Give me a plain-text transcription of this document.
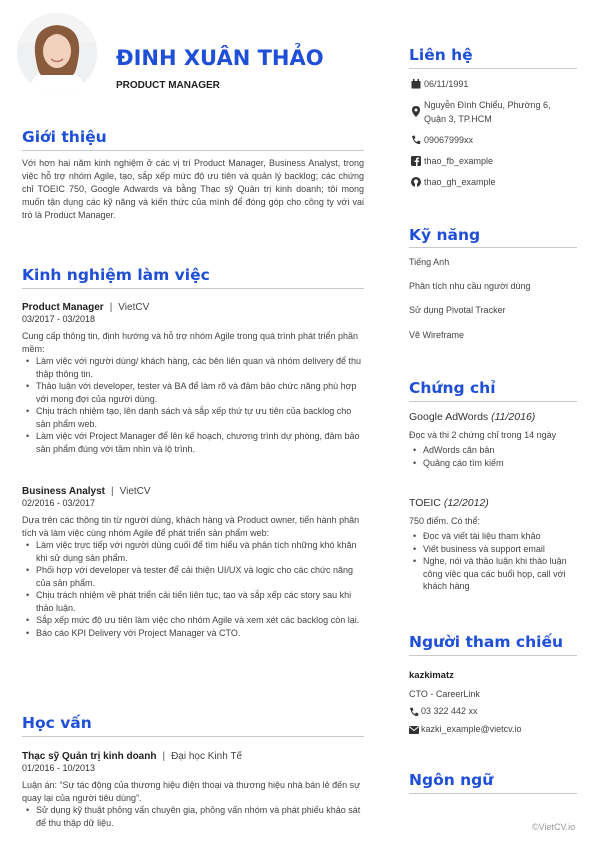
ĐINH XUÂN THẢO
PRODUCT MANAGER
Giới thiệu
Với hơn hai năm kinh nghiệm ở các vị trí Product Manager, Business Analyst, trong việc hỗ trợ nhóm Agile, tạo, sắp xếp mức độ ưu tiên và quản lý backlog; các chứng chỉ TOEIC 750, Google Adwards và bằng Thạc sỹ Quản trị kinh doanh; tôi mong muốn tận dụng các kỹ năng và kiến thức của mình để đóng góp cho công ty với vai trò là Product Manager.
Kinh nghiệm làm việc
Product Manager | VietCV
03/2017 - 03/2018
Cung cấp thông tin, định hướng và hỗ trợ nhóm Agile trong quá trình phát triển phần mềm:
• Làm việc với người dùng/ khách hàng, các bên liên quan và nhóm delivery để thu thập thông tin.
• Thảo luận với developer, tester và BA để làm rõ và đảm bảo chức năng phù hợp với mong đợi của người dùng.
• Chịu trách nhiệm tạo, lên danh sách và sắp xếp thứ tự ưu tiên của backlog cho sản phẩm web.
• Làm việc với Project Manager để lên kế hoạch, chương trình dự phòng, đảm bảo sản phẩm đúng với tầm nhìn và lộ trình.
Business Analyst | VietCV
02/2016 - 03/2017
Dựa trên các thông tin từ người dùng, khách hàng và Product owner, tiến hành phân tích và làm việc cùng nhóm Agile để phát triển sản phẩm web:
• Làm việc trực tiếp với người dùng cuối để tìm hiểu và phân tích những khó khăn khi sử dụng sản phẩm.
• Phối hợp với developer và tester để cải thiện UI/UX và logic cho các chức năng của sản phẩm.
• Chịu trách nhiệm về phát triển cải tiến liên tục, tạo và sắp xếp các story sau khi thảo luận.
• Sắp xếp mức độ ưu tiên làm việc cho nhóm Agile và xem xét các backlog còn lại.
• Báo cáo KPI Delivery với Project Manager và CTO.
Học vấn
Thạc sỹ Quản trị kinh doanh | Đại học Kinh Tế
01/2016 - 10/2013
Luận án: “Sự tác động của thương hiệu điện thoại và thương hiệu nhà bán lẻ đến sự quay lại của người tiêu dùng”.
• Sử dụng kỹ thuật phỏng vấn chuyên gia, phỏng vấn nhóm và phát phiếu khảo sát để thu thập dữ liệu.
Liên hệ
06/11/1991
Nguyễn Đình Chiểu, Phường 6,
Quận 3, TP.HCM
09067999xx
thao_fb_example
thao_gh_example
Kỹ năng
Tiếng Anh
Phân tích nhu cầu người dùng
Sử dụng Pivotal Tracker
Vẽ Wireframe
Chứng chỉ
Google AdWords (11/2016)
Đọc và thi 2 chứng chỉ trong 14 ngày
• AdWords căn bản
• Quảng cáo tìm kiếm
TOEIC (12/2012)
750 điểm. Có thể:
• Đọc và viết tài liệu tham khảo
• Viết business và support email
• Nghe, nói và thảo luận khi thảo luận công việc qua các buổi họp, call với khách hàng
Người tham chiếu
kazkimatz
CTO - CareerLink
03 322 442 xx
kazki_example@vietcv.io
Ngôn ngữ
©VietCV.io
